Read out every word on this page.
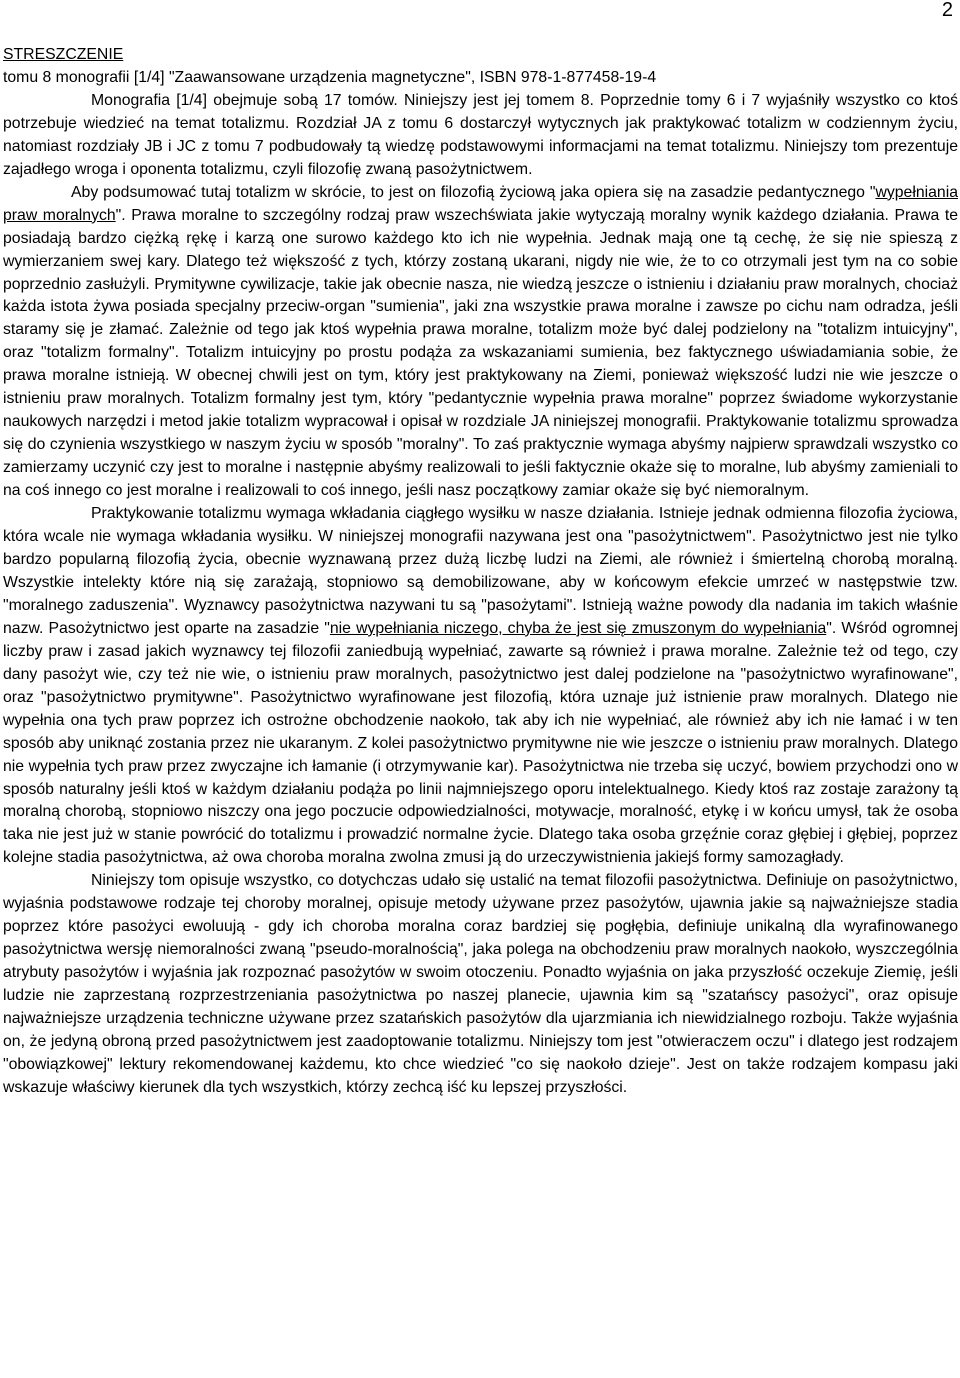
2
STRESZCZENIE
tomu 8 monografii [1/4] "Zaawansowane urządzenia magnetyczne", ISBN 978-1-877458-19-4

Monografia [1/4] obejmuje sobą 17 tomów. Niniejszy jest jej tomem 8. Poprzednie tomy 6 i 7 wyjaśniły wszystko co ktoś potrzebuje wiedzieć na temat totalizmu. Rozdział JA z tomu 6 dostarczył wytycznych jak praktykować totalizm w codziennym życiu, natomiast rozdziały JB i JC z tomu 7 podbudowały tą wiedzę podstawowymi informacjami na temat totalizmu. Niniejszy tom prezentuje zajadłego wroga i oponenta totalizmu, czyli filozofię zwaną pasożytnictwem.

Aby podsumować tutaj totalizm w skrócie, to jest on filozofią życiową jaka opiera się na zasadzie pedantycznego "wypełniania praw moralnych". Prawa moralne to szczególny rodzaj praw wszechświata jakie wytyczają moralny wynik każdego działania. Prawa te posiadają bardzo ciężką rękę i karzą one surowo każdego kto ich nie wypełnia. Jednak mają one tą cechę, że się nie spieszą z wymierzaniem swej kary. Dlatego też większość z tych, którzy zostaną ukarani, nigdy nie wie, że to co otrzymali jest tym na co sobie poprzednio zasłużyli. Prymitywne cywilizacje, takie jak obecnie nasza, nie wiedzą jeszcze o istnieniu i działaniu praw moralnych, chociaż każda istota żywa posiada specjalny przeciw-organ "sumienia", jaki zna wszystkie prawa moralne i zawsze po cichu nam odradza, jeśli staramy się je złamać. Zależnie od tego jak ktoś wypełnia prawa moralne, totalizm może być dalej podzielony na "totalizm intuicyjny", oraz "totalizm formalny". Totalizm intuicyjny po prostu podąża za wskazaniami sumienia, bez faktycznego uświadamiania sobie, że prawa moralne istnieją. W obecnej chwili jest on tym, który jest praktykowany na Ziemi, ponieważ większość ludzi nie wie jeszcze o istnieniu praw moralnych. Totalizm formalny jest tym, który "pedantycznie wypełnia prawa moralne" poprzez świadome wykorzystanie naukowych narzędzi i metod jakie totalizm wypracował i opisał w rozdziale JA niniejszej monografii. Praktykowanie totalizmu sprowadza się do czynienia wszystkiego w naszym życiu w sposób "moralny". To zaś praktycznie wymaga abyśmy najpierw sprawdzali wszystko co zamierzamy uczynić czy jest to moralne i następnie abyśmy realizowali to jeśli faktycznie okaże się to moralne, lub abyśmy zamieniali to na coś innego co jest moralne i realizowali to coś innego, jeśli nasz początkowy zamiar okaże się być niemoralnym.

Praktykowanie totalizmu wymaga wkładania ciągłego wysiłku w nasze działania. Istnieje jednak odmienna filozofia życiowa, która wcale nie wymaga wkładania wysiłku. W niniejszej monografii nazywana jest ona "pasożytnictwem". Pasożytnictwo jest nie tylko bardzo popularną filozofią życia, obecnie wyznawaną przez dużą liczbę ludzi na Ziemi, ale również i śmiertelną chorobą moralną. Wszystkie intelekty które nią się zarażają, stopniowo są demobilizowane, aby w końcowym efekcie umrzeć w następstwie tzw. "moralnego zaduszenia". Wyznawcy pasożytnictwa nazywani tu są "pasożytami". Istnieją ważne powody dla nadania im takich właśnie nazw. Pasożytnictwo jest oparte na zasadzie "nie wypełniania niczego, chyba że jest się zmuszonym do wypełniania". Wśród ogromnej liczby praw i zasad jakich wyznawcy tej filozofii zaniedbują wypełniać, zawarte są również i prawa moralne. Zależnie też od tego, czy dany pasożyt wie, czy też nie wie, o istnieniu praw moralnych, pasożytnictwo jest dalej podzielone na "pasożytnictwo wyrafinowane", oraz "pasożytnictwo prymitywne". Pasożytnictwo wyrafinowane jest filozofią, która uznaje już istnienie praw moralnych. Dlatego nie wypełnia ona tych praw poprzez ich ostrożne obchodzenie naokoło, tak aby ich nie wypełniać, ale również aby ich nie łamać i w ten sposób aby uniknąć zostania przez nie ukaranym. Z kolei pasożytnictwo prymitywne nie wie jeszcze o istnieniu praw moralnych. Dlatego nie wypełnia tych praw przez zwyczajne ich łamanie (i otrzymywanie kar). Pasożytnictwa nie trzeba się uczyć, bowiem przychodzi ono w sposób naturalny jeśli ktoś w każdym działaniu podąża po linii najmniejszego oporu intelektualnego. Kiedy ktoś raz zostaje zarażony tą moralną chorobą, stopniowo niszczy ona jego poczucie odpowiedzialności, motywacje, moralność, etykę i w końcu umysł, tak że osoba taka nie jest już w stanie powrócić do totalizmu i prowadzić normalne życie. Dlatego taka osoba grzęźnie coraz głębiej i głębiej, poprzez kolejne stadia pasożytnictwa, aż owa choroba moralna zwolna zmusi ją do urzeczywistnienia jakiejś formy samozagłady.

Niniejszy tom opisuje wszystko, co dotychczas udało się ustalić na temat filozofii pasożytnictwa. Definiuje on pasożytnictwo, wyjaśnia podstawowe rodzaje tej choroby moralnej, opisuje metody używane przez pasożytów, ujawnia jakie są najważniejsze stadia poprzez które pasożyci ewoluują - gdy ich choroba moralna coraz bardziej się pogłębia, definiuje unikalną dla wyrafinowanego pasożytnictwa wersję niemoralności zwaną "pseudo-moralnością", jaka polega na obchodzeniu praw moralnych naokoło, wyszczególnia atrybuty pasożytów i wyjaśnia jak rozpoznać pasożytów w swoim otoczeniu. Ponadto wyjaśnia on jaka przyszłość oczekuje Ziemię, jeśli ludzie nie zaprzestaną rozprzestrzeniania pasożytnictwa po naszej planecie, ujawnia kim są "szatańscy pasożyci", oraz opisuje najważniejsze urządzenia techniczne używane przez szatańskich pasożytów dla ujarzmiania ich niewidzialnego rozboju. Także wyjaśnia on, że jedyną obroną przed pasożytnictwem jest zaadoptowanie totalizmu. Niniejszy tom jest "otwieraczem oczu" i dlatego jest rodzajem "obowiązkowej" lektury rekomendowanej każdemu, kto chce wiedzieć "co się naokoło dzieje". Jest on także rodzajem kompasu jaki wskazuje właściwy kierunek dla tych wszystkich, którzy zechcą iść ku lepszej przyszłości.
